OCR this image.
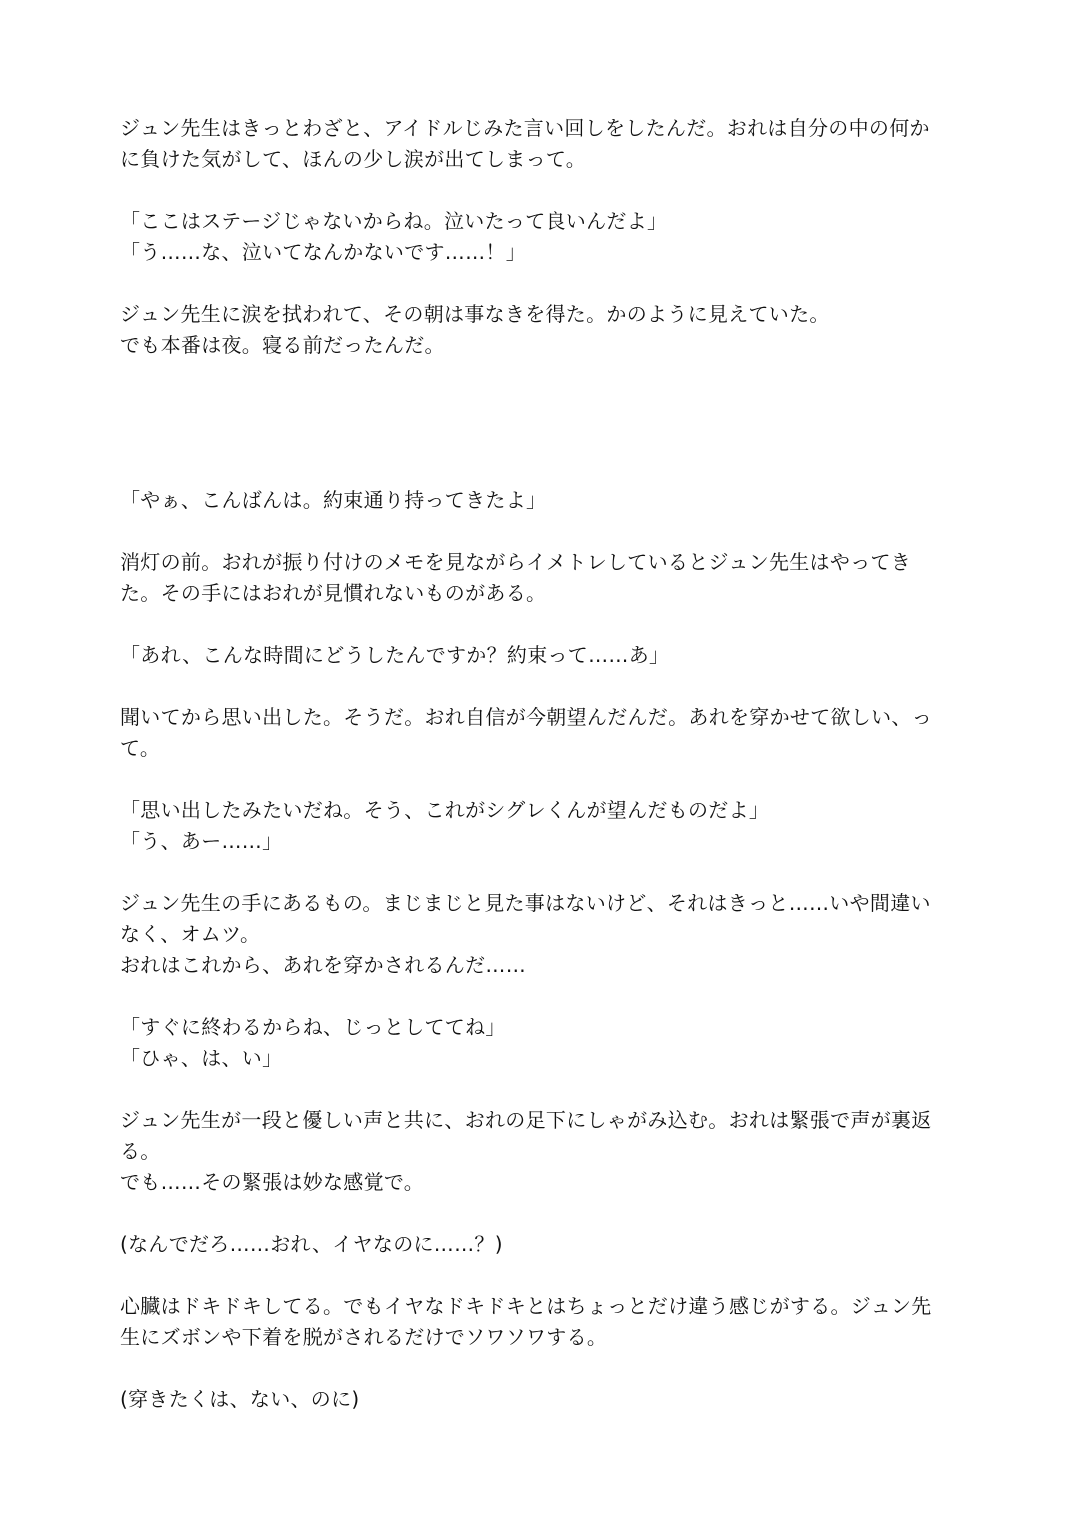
ジュン先生はきっとわざと、アイドルじみた言い回しをしたんだ。おれは自分の中の何か
に負けた気がして、ほんの少し涙が出てしまって。

「ここはステージじゃないからね。泣いたって良いんだよ」
「う……な、泣いてなんかないです……！」

ジュン先生に涙を拭われて、その朝は事なきを得た。かのように見えていた。
でも本番は夜。寝る前だったんだ。

「やぁ、こんばんは。約束通り持ってきたよ」

消灯の前。おれが振り付けのメモを見ながらイメトレしているとジュン先生はやってき
た。その手にはおれが見慣れないものがある。

「あれ、こんな時間にどうしたんですか？約束って……あ」

聞いてから思い出した。そうだ。おれ自信が今朝望んだんだ。あれを穿かせて欲しい、っ
て。

「思い出したみたいだね。そう、これがシグレくんが望んだものだよ」
「う、あー……」

ジュン先生の手にあるもの。まじまじと見た事はないけど、それはきっと……いや間違い
なく、オムツ。
おれはこれから、あれを穿かされるんだ……

「すぐに終わるからね、じっとしててね」
「ひゃ、は、い」

ジュン先生が一段と優しい声と共に、おれの足下にしゃがみ込む。おれは緊張で声が裏返
る。
でも……その緊張は妙な感覚で。

(なんでだろ……おれ、イヤなのに……？)

心臓はドキドキしてる。でもイヤなドキドキとはちょっとだけ違う感じがする。ジュン先
生にズボンや下着を脱がされるだけでソワソワする。

(穿きたくは、ない、のに)
